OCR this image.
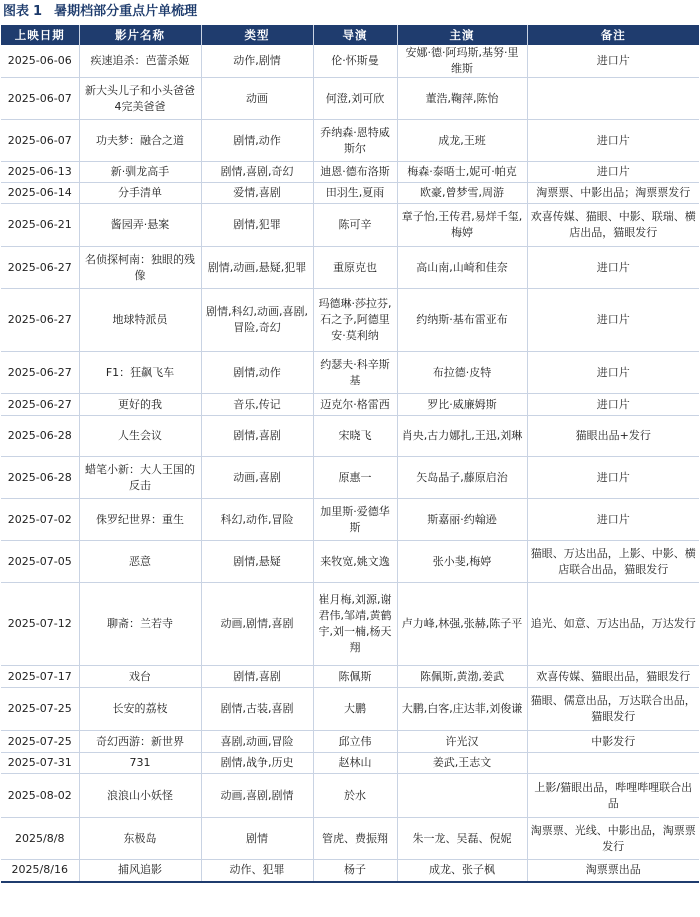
图表 1 暑期档部分重点片单梳理
上映日期	影片名称	类型	导演	主演	备注
2025-06-06	疾速追杀：芭蕾杀姬	动作,剧情	伦·怀斯曼	安娜·德·阿玛斯,基努·里维斯	进口片
2025-06-07	新大头儿子和小头爸爸4完美爸爸	动画	何澄,刘可欣	董浩,鞠萍,陈怡	
2025-06-07	功夫梦：融合之道	剧情,动作	乔纳森·恩特威斯尔	成龙,王班	进口片
2025-06-13	新·驯龙高手	剧情,喜剧,奇幻	迪恩·德布洛斯	梅森·泰晤士,妮可·帕克	进口片
2025-06-14	分手清单	爱情,喜剧	田羽生,夏雨	欧豪,曾梦雪,周游	淘票票、中影出品；淘票票发行
2025-06-21	酱园弄·悬案	剧情,犯罪	陈可辛	章子怡,王传君,易烊千玺,梅婷	欢喜传媒、猫眼、中影、联瑞、横店出品，猫眼发行
2025-06-27	名侦探柯南：独眼的残像	剧情,动画,悬疑,犯罪	重原克也	高山南,山崎和佳奈	进口片
2025-06-27	地球特派员	剧情,科幻,动画,喜剧,冒险,奇幻	玛德琳·莎拉芬,石之予,阿德里安·莫利纳	约纳斯·基布雷亚布	进口片
2025-06-27	F1：狂飙飞车	剧情,动作	约瑟夫·科辛斯基	布拉德·皮特	进口片
2025-06-27	更好的我	音乐,传记	迈克尔·格雷西	罗比·威廉姆斯	进口片
2025-06-28	人生会议	剧情,喜剧	宋晓飞	肖央,古力娜扎,王迅,刘琳	猫眼出品+发行
2025-06-28	蜡笔小新：大人王国的反击	动画,喜剧	原惠一	矢岛晶子,藤原启治	进口片
2025-07-02	侏罗纪世界：重生	科幻,动作,冒险	加里斯·爱德华斯	斯嘉丽·约翰逊	进口片
2025-07-05	恶意	剧情,悬疑	来牧宽,姚文逸	张小斐,梅婷	猫眼、万达出品，上影、中影、横店联合出品，猫眼发行
2025-07-12	聊斋：兰若寺	动画,剧情,喜剧	崔月梅,刘源,谢君伟,邹靖,黄鹤宇,刘一楠,杨天翔	卢力峰,林强,张赫,陈子平	追光、如意、万达出品，万达发行
2025-07-17	戏台	剧情,喜剧	陈佩斯	陈佩斯,黄渤,姜武	欢喜传媒、猫眼出品，猫眼发行
2025-07-25	长安的荔枝	剧情,古装,喜剧	大鹏	大鹏,白客,庄达菲,刘俊谦	猫眼、儒意出品，万达联合出品，猫眼发行
2025-07-25	奇幻西游：新世界	喜剧,动画,冒险	邱立伟	许光汉	中影发行
2025-07-31	731	剧情,战争,历史	赵林山	姜武,王志文	
2025-08-02	浪浪山小妖怪	动画,喜剧,剧情	於水		上影/猫眼出品，哔哩哔哩联合出品
2025/8/8	东极岛	剧情	管虎、费振翔	朱一龙、吴磊、倪妮	淘票票、光线、中影出品，淘票票发行
2025/8/16	捕风追影	动作、犯罪	杨子	成龙、张子枫	淘票票出品
